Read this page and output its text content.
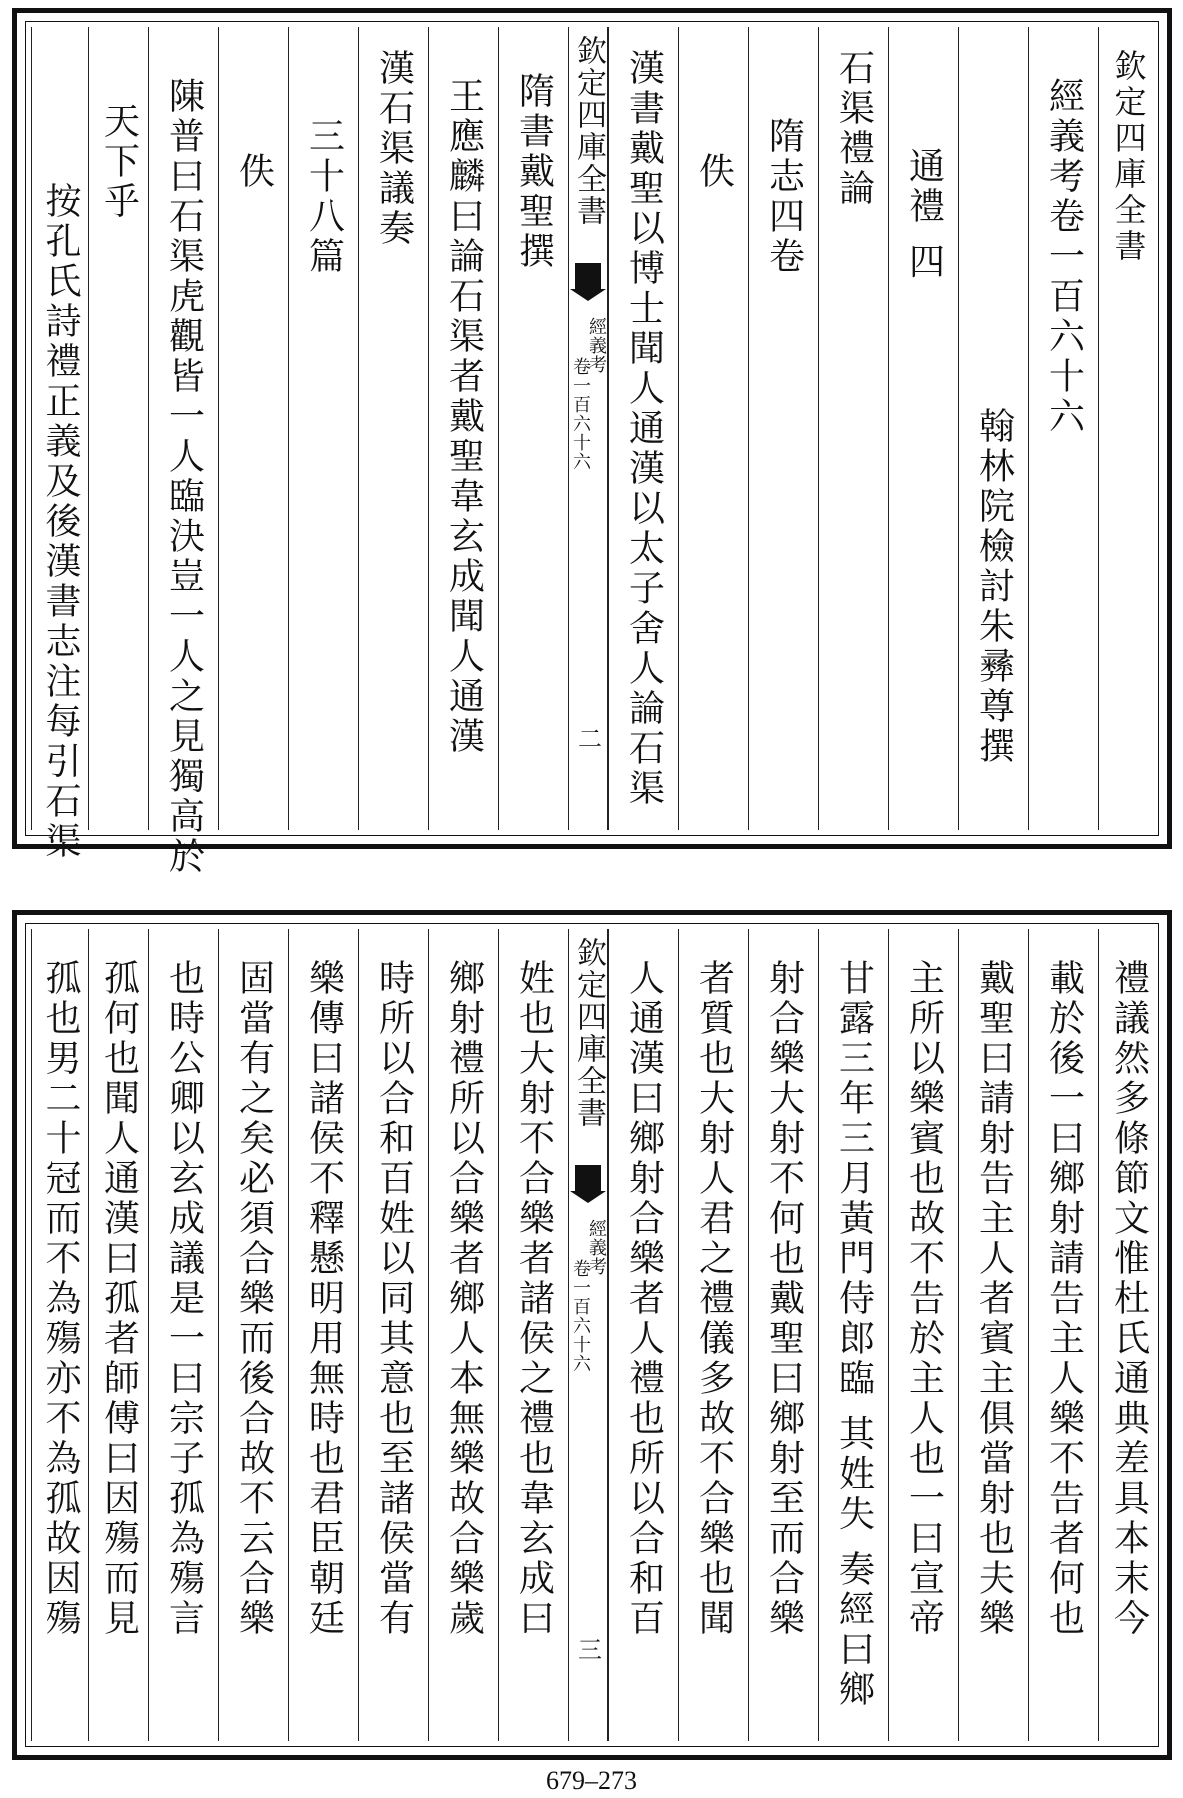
欽定四庫全書
經義考卷一百六十六
翰林院檢討朱彞尊撰
通禮 四
石渠禮論
隋志四卷
佚
漢書戴聖以博士聞人通漢以太子舍人論石渠
欽定四庫全書
經義考
卷一百六十六
二
隋書戴聖撰
王應麟曰論石渠者戴聖韋玄成聞人通漢
漢石渠議奏
三十八篇
佚
陳普曰石渠虎觀皆一人臨決豈一人之見獨高於
天下乎
按孔氏詩禮正義及後漢書志注每引石渠
禮議然多條節文惟杜氏通典差具本末今
載於後一曰鄉射請告主人樂不告者何也
戴聖曰請射告主人者賓主俱當射也夫樂
主所以樂賓也故不告於主人也一曰宣帝
甘露三年三月黃門侍郎臨 其姓失 奏經曰鄉
射合樂大射不何也戴聖曰鄉射至而合樂
者質也大射人君之禮儀多故不合樂也聞
人通漢曰鄉射合樂者人禮也所以合和百
欽定四庫全書
經義考
卷一百六十六
三
姓也大射不合樂者諸侯之禮也韋玄成曰
鄉射禮所以合樂者鄉人本無樂故合樂歲
時所以合和百姓以同其意也至諸侯當有
樂傳曰諸侯不釋懸明用無時也君臣朝廷
固當有之矣必須合樂而後合故不云合樂
也時公卿以玄成議是一曰宗子孤為殤言
孤何也聞人通漢曰孤者師傅曰因殤而見
孤也男二十冠而不為殤亦不為孤故因殤
679–273
